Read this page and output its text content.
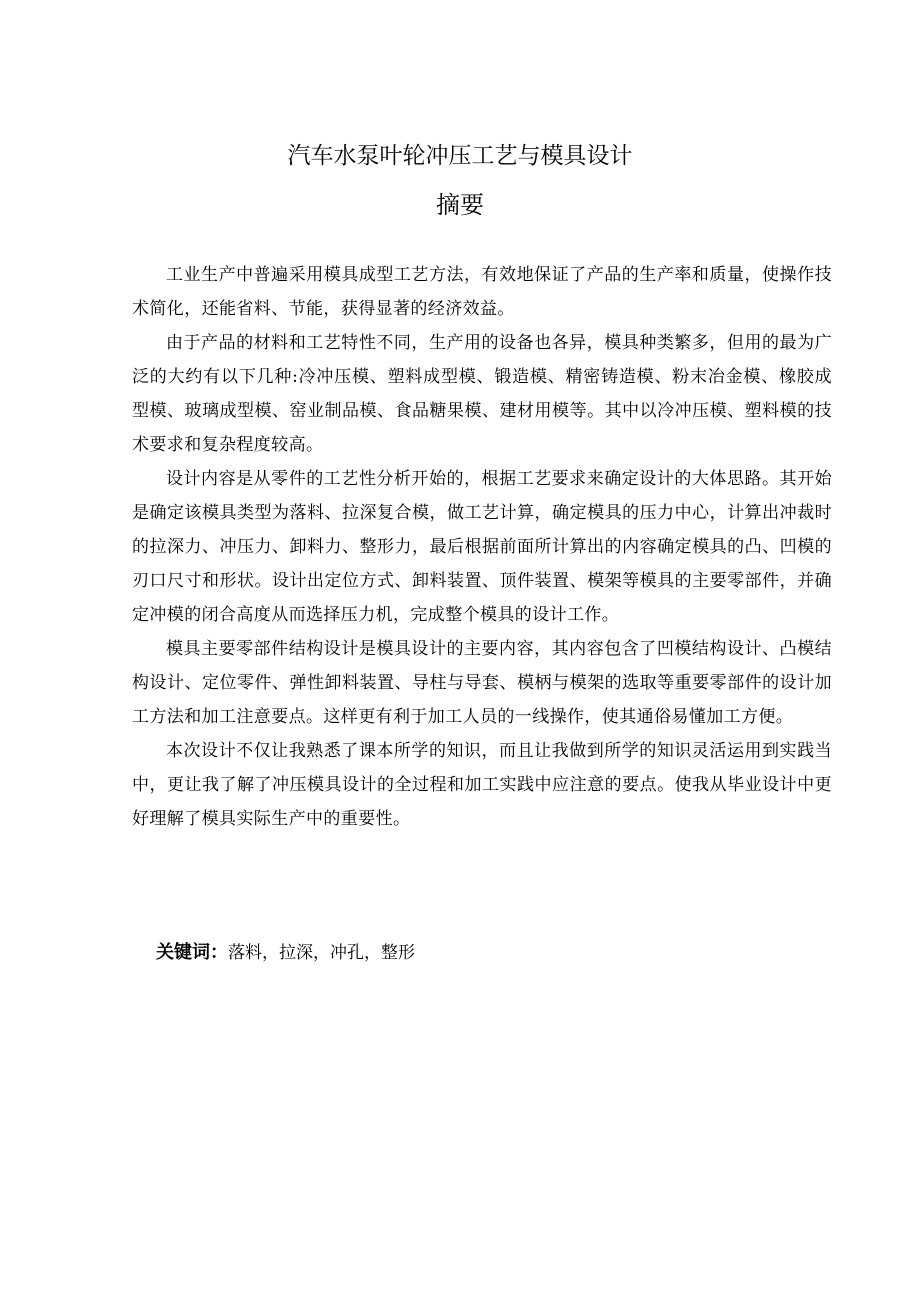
汽车水泵叶轮冲压工艺与模具设计
摘要

工业生产中普遍采用模具成型工艺方法，有效地保证了产品的生产率和质量，使操作技术简化，还能省料、节能，获得显著的经济效益。

由于产品的材料和工艺特性不同，生产用的设备也各异，模具种类繁多，但用的最为广泛的大约有以下几种:冷冲压模、塑料成型模、锻造模、精密铸造模、粉末冶金模、橡胶成型模、玻璃成型模、窑业制品模、食品糖果模、建材用模等。其中以冷冲压模、塑料模的技术要求和复杂程度较高。

设计内容是从零件的工艺性分析开始的，根据工艺要求来确定设计的大体思路。其开始是确定该模具类型为落料、拉深复合模，做工艺计算，确定模具的压力中心，计算出冲裁时的拉深力、冲压力、卸料力、整形力，最后根据前面所计算出的内容确定模具的凸、凹模的刃口尺寸和形状。设计出定位方式、卸料装置、顶件装置、模架等模具的主要零部件，并确定冲模的闭合高度从而选择压力机，完成整个模具的设计工作。

模具主要零部件结构设计是模具设计的主要内容，其内容包含了凹模结构设计、凸模结构设计、定位零件、弹性卸料装置、导柱与导套、模柄与模架的选取等重要零部件的设计加工方法和加工注意要点。这样更有利于加工人员的一线操作，使其通俗易懂加工方便。

本次设计不仅让我熟悉了课本所学的知识，而且让我做到所学的知识灵活运用到实践当中，更让我了解了冲压模具设计的全过程和加工实践中应注意的要点。使我从毕业设计中更好理解了模具实际生产中的重要性。

关键词：落料，拉深，冲孔，整形
